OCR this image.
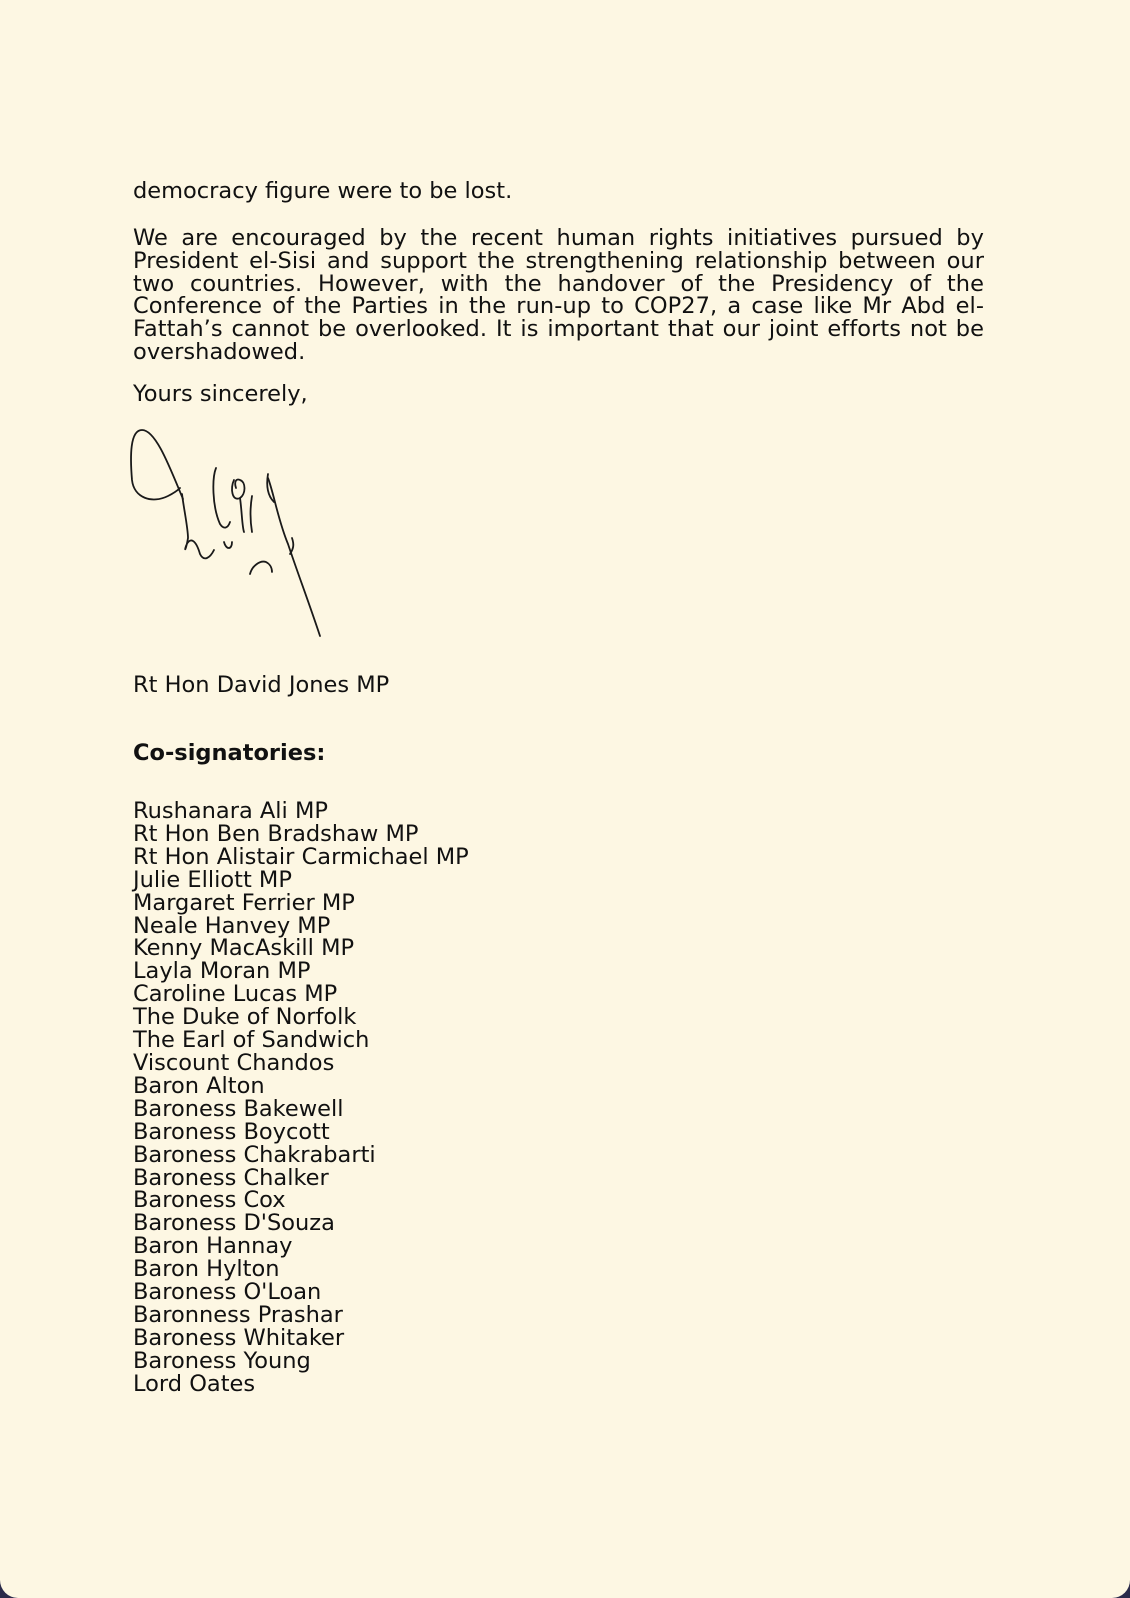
democracy figure were to be lost.

We are encouraged by the recent human rights initiatives pursued by President el-Sisi and support the strengthening relationship between our two countries. However, with the handover of the Presidency of the Conference of the Parties in the run-up to COP27, a case like Mr Abd el-Fattah’s cannot be overlooked. It is important that our joint efforts not be overshadowed.

Yours sincerely,

Rt Hon David Jones MP

Co-signatories:

Rushanara Ali MP
Rt Hon Ben Bradshaw MP
Rt Hon Alistair Carmichael MP
Julie Elliott MP
Margaret Ferrier MP
Neale Hanvey MP
Kenny MacAskill MP
Layla Moran MP
Caroline Lucas MP
The Duke of Norfolk
The Earl of Sandwich
Viscount Chandos
Baron Alton
Baroness Bakewell
Baroness Boycott
Baroness Chakrabarti
Baroness Chalker
Baroness Cox
Baroness D'Souza
Baron Hannay
Baron Hylton
Baroness O'Loan
Baronness Prashar
Baroness Whitaker
Baroness Young
Lord Oates
